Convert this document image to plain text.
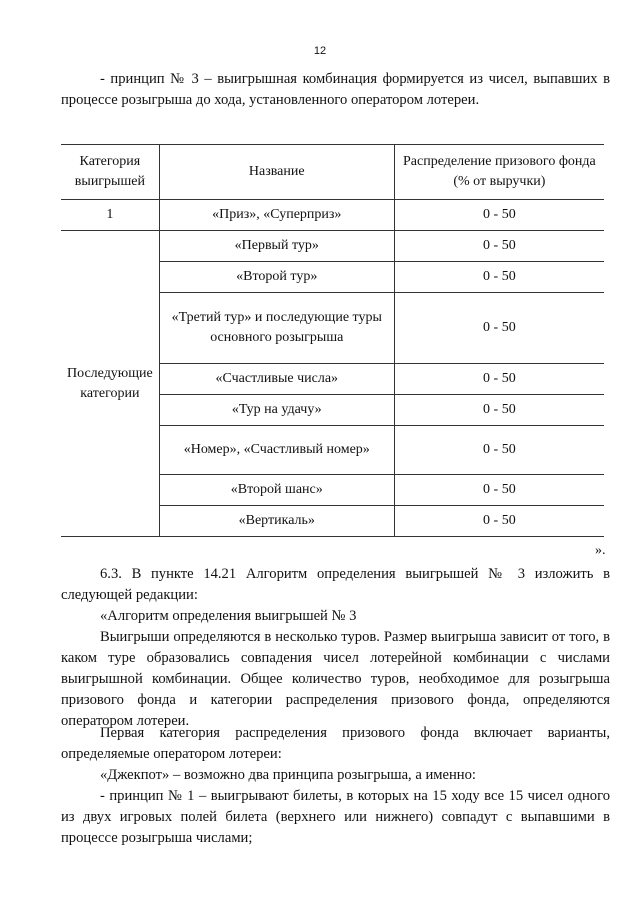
12
- принцип № 3 – выигрышная комбинация формируется из чисел, выпавших в процессе розыгрыша до хода, установленного оператором лотереи.
Категория выигрышей	Название	Распределение призового фонда (% от выручки)
1	«Приз», «Суперприз»	0 - 50
Последующие категории	«Первый тур»	0 - 50
	«Второй тур»	0 - 50
	«Третий тур» и последующие туры основного розыгрыша	0 - 50
	«Счастливые числа»	0 - 50
	«Тур на удачу»	0 - 50
	«Номер», «Счастливый номер»	0 - 50
	«Второй шанс»	0 - 50
	«Вертикаль»	0 - 50
».
6.3. В пункте 14.21 Алгоритм определения выигрышей № 3 изложить в следующей редакции:
«Алгоритм определения выигрышей № 3
Выигрыши определяются в несколько туров. Размер выигрыша зависит от того, в каком туре образовались совпадения чисел лотерейной комбинации с числами выигрышной комбинации. Общее количество туров, необходимое для розыгрыша призового фонда и категории распределения призового фонда, определяются оператором лотереи.
Первая категория распределения призового фонда включает варианты, определяемые оператором лотереи:
«Джекпот» – возможно два принципа розыгрыша, а именно:
- принцип № 1 – выигрывают билеты, в которых на 15 ходу все 15 чисел одного из двух игровых полей билета (верхнего или нижнего) совпадут с выпавшими в процессе розыгрыша числами;
